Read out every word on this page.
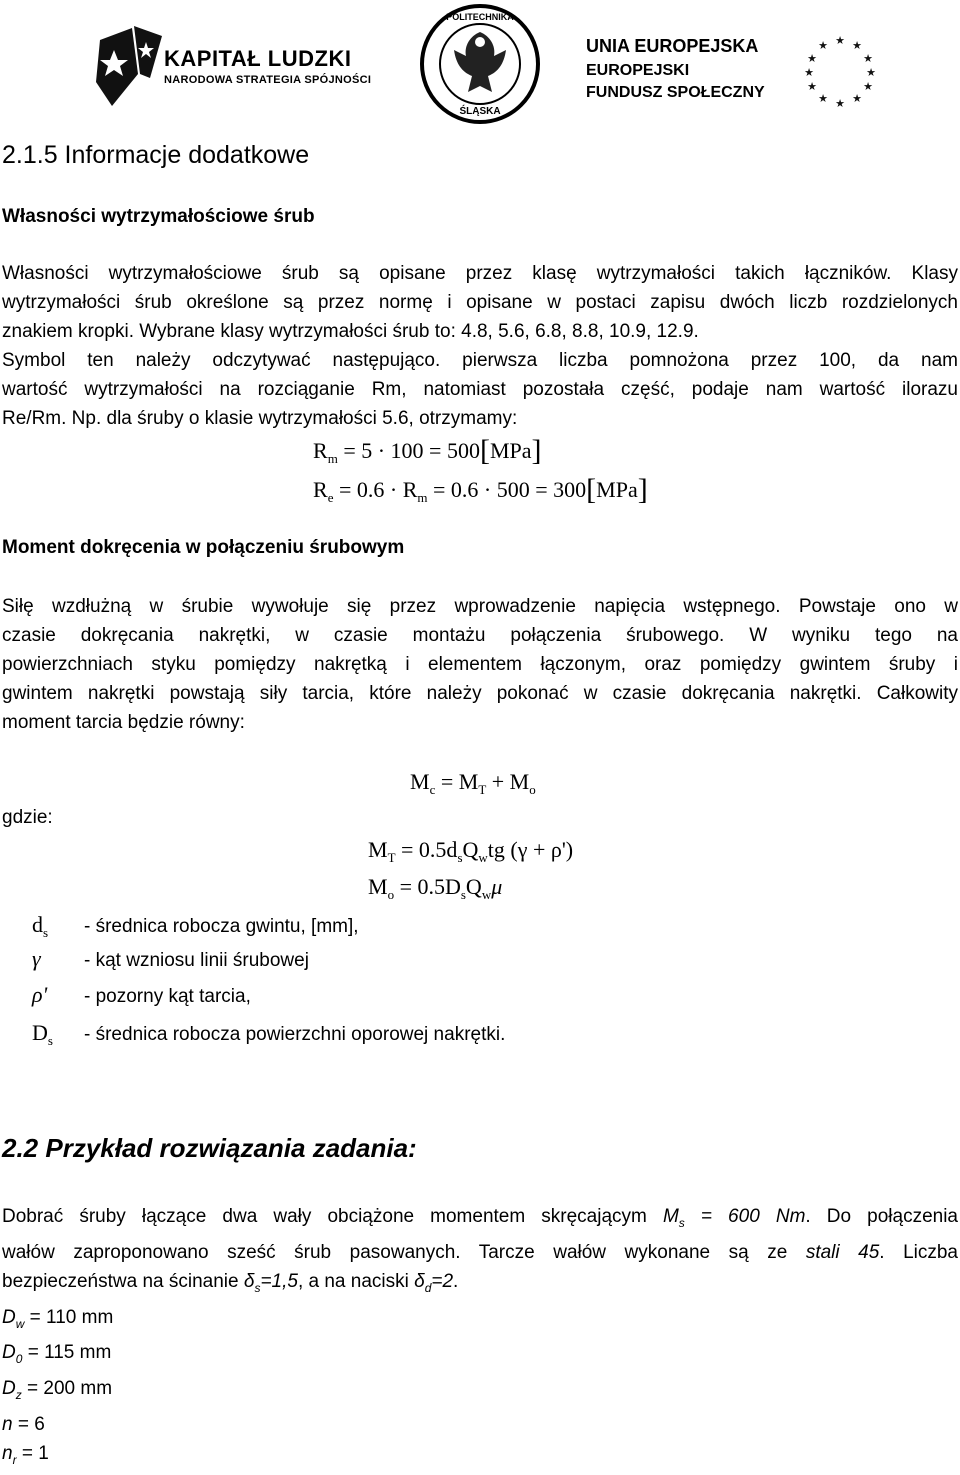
KAPITAŁ LUDZKI
NARODOWA STRATEGIA SPÓJNOŚCI
POLITECHNIKA
ŚLĄSKA
UNIA EUROPEJSKA
EUROPEJSKI
FUNDUSZ SPOŁECZNY
★ ★
★
★
★
★
★
★
★
★
★
★
2.1.5 Informacje dodatkowe
Własności wytrzymałościowe śrub
Własności wytrzymałościowe śrub są opisane przez klasę wytrzymałości takich łączników. Klasy
wytrzymałości śrub określone są przez normę i opisane w postaci zapisu dwóch liczb rozdzielonych
znakiem kropki. Wybrane klasy wytrzymałości śrub to: 4.8, 5.6, 6.8, 8.8, 10.9, 12.9.
Symbol ten należy odczytywać następująco. pierwsza liczba pomnożona przez 100, da nam
wartość wytrzymałości na rozciąganie Rm, natomiast pozostała część, podaje nam wartość ilorazu
Re/Rm. Np. dla śruby o klasie wytrzymałości 5.6, otrzymamy:
$R_m = 5 \cdot 100 = 500[MPa]$
$R_e = 0.6 \cdot R_m = 0.6 \cdot 500 = 300[MPa]$
Moment dokręcenia w połączeniu śrubowym
Siłę wzdłużną w śrubie wywołuje się przez wprowadzenie napięcia wstępnego. Powstaje ono w
czasie dokręcania nakrętki, w czasie montażu połączenia śrubowego. W wyniku tego na
powierzchniach styku pomiędzy nakrętką i elementem łączonym, oraz pomiędzy gwintem śruby i
gwintem nakrętki powstają siły tarcia, które należy pokonać w czasie dokręcania nakrętki. Całkowity
moment tarcia będzie równy:
$M_c = M_T + M_o$
gdzie:
$M_T = 0.5d_sQ_wtg$ (γ + ρ')
$M_o = 0.5D_sQ_w\mu$
$d_s$ - średnica robocza gwintu, [mm],
γ - kąt wzniosu linii śrubowej
ρ' - pozorny kąt tarcia,
$D_s$ - średnica robocza powierzchni oporowej nakrętki.
2.2 Przykład rozwiązania zadania:
Dobrać śruby łączące dwa wały obciążone momentem skręcającym $M_s = 600$ Nm. Do połączenia
wałów zaproponowano sześć śrub pasowanych. Tarcze wałów wykonane są ze stali 45. Liczba
bezpieczeństwa na ścinanie $\delta_s=1,5$, a na naciski $\delta_d=2$.
$D_w = 110$ mm
$D_0 = 115$ mm
$D_z = 200$ mm
n = 6
$n_r = 1$
